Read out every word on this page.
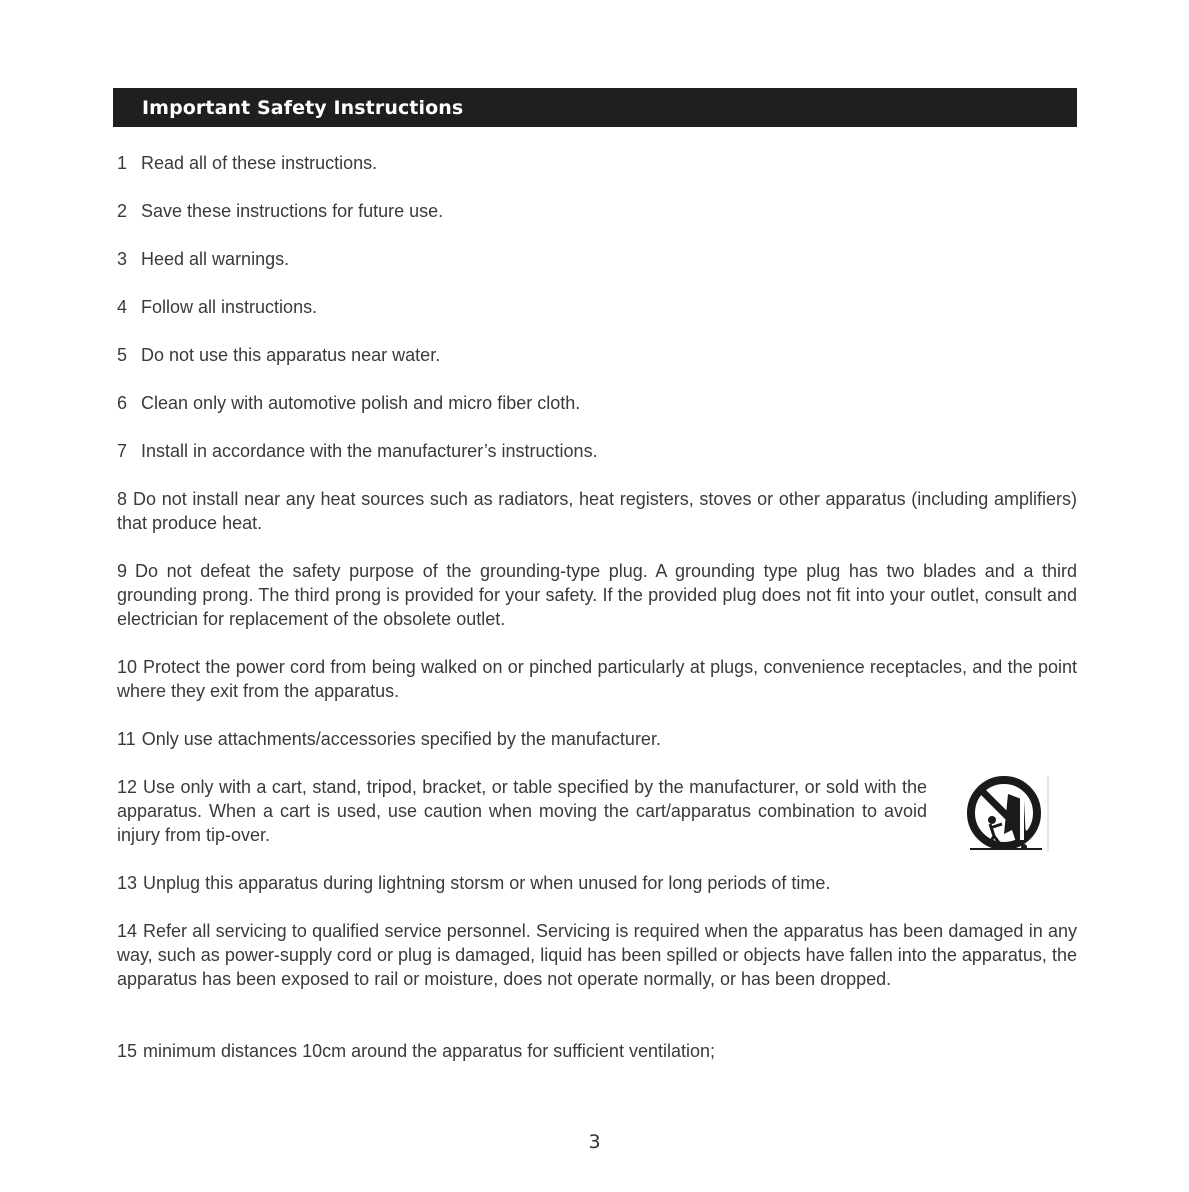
Important Safety Instructions

1 Read all of these instructions.

2 Save these instructions for future use.

3 Heed all warnings.

4 Follow all instructions.

5 Do not use this apparatus near water.

6 Clean only with automotive polish and micro fiber cloth.

7 Install in accordance with the manufacturer’s instructions.

8 Do not install near any heat sources such as radiators, heat registers, stoves or other apparatus (including amplifiers) that produce heat.

9 Do not defeat the safety purpose of the grounding-type plug. A grounding type plug has two blades and a third grounding prong. The third prong is provided for your safety. If the provided plug does not fit into your outlet, consult and electrician for replacement of the obsolete outlet.

10 Protect the power cord from being walked on or pinched particularly at plugs, convenience receptacles, and the point where they exit from the apparatus.

11 Only use attachments/accessories specified by the manufacturer.

12 Use only with a cart, stand, tripod, bracket, or table specified by the manufacturer, or sold with the apparatus. When a cart is used, use caution when moving the cart/apparatus combination to avoid injury from tip-over.

13 Unplug this apparatus during lightning storsm or when unused for long periods of time.

14 Refer all servicing to qualified service personnel. Servicing is required when the apparatus has been damaged in any way, such as power-supply cord or plug is damaged, liquid has been spilled or objects have fallen into the apparatus, the apparatus has been exposed to rail or moisture, does not operate normally, or has been dropped.

15 minimum distances 10cm around the apparatus for sufficient ventilation;

3
